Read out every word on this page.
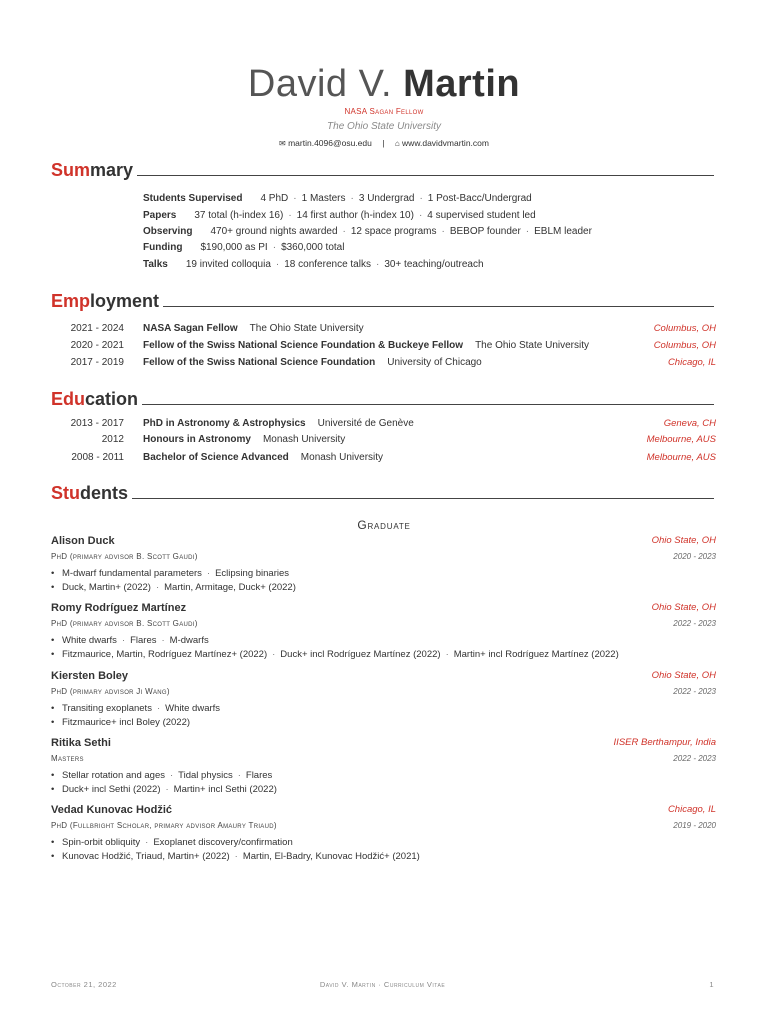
David V. Martin
NASA Sagan Fellow
The Ohio State University
✉ martin.4096@osu.edu | ⌂ www.davidvmartin.com
Summary
Students Supervised 4 PhD · 1 Masters · 3 Undergrad · 1 Post-Bacc/Undergrad
Papers 37 total (h-index 16) · 14 first author (h-index 10) · 4 supervised student led
Observing 470+ ground nights awarded · 12 space programs · BEBOP founder · EBLM leader
Funding $190,000 as PI · $360,000 total
Talks 19 invited colloquia · 18 conference talks · 30+ teaching/outreach
Employment
2021 - 2024 NASA Sagan Fellow The Ohio State University	Columbus, OH
2020 - 2021 Fellow of the Swiss National Science Foundation & Buckeye Fellow The Ohio State University	Columbus, OH
2017 - 2019 Fellow of the Swiss National Science Foundation University of Chicago	Chicago, IL
Education
2013 - 2017 PhD in Astronomy & Astrophysics Université de Genève	Geneva, CH
2012 Honours in Astronomy Monash University	Melbourne, AUS
2008 - 2011 Bachelor of Science Advanced Monash University	Melbourne, AUS
Students
Graduate
Alison Duck	Ohio State, OH
PhD (primary advisor B. Scott Gaudi)	2020 - 2023
• M-dwarf fundamental parameters · Eclipsing binaries
• Duck, Martin+ (2022) · Martin, Armitage, Duck+ (2022)
Romy Rodríguez Martínez	Ohio State, OH
PhD (primary advisor B. Scott Gaudi)	2022 - 2023
• White dwarfs · Flares · M-dwarfs
• Fitzmaurice, Martin, Rodríguez Martínez+ (2022) · Duck+ incl Rodríguez Martínez (2022) · Martin+ incl Rodríguez Martínez (2022)
Kiersten Boley	Ohio State, OH
PhD (primary advisor Ji Wang)	2022 - 2023
• Transiting exoplanets · White dwarfs
• Fitzmaurice+ incl Boley (2022)
Ritika Sethi	IISER Berthampur, India
Masters	2022 - 2023
• Stellar rotation and ages · Tidal physics · Flares
• Duck+ incl Sethi (2022) · Martin+ incl Sethi (2022)
Vedad Kunovac Hodžić	Chicago, IL
PhD (Fullbright Scholar, primary advisor Amaury Triaud)	2019 - 2020
• Spin-orbit obliquity · Exoplanet discovery/confirmation
• Kunovac Hodžić, Triaud, Martin+ (2022) · Martin, El-Badry, Kunovac Hodžić+ (2021)
October 21, 2022	David V. Martin · Curriculum Vitae	1
